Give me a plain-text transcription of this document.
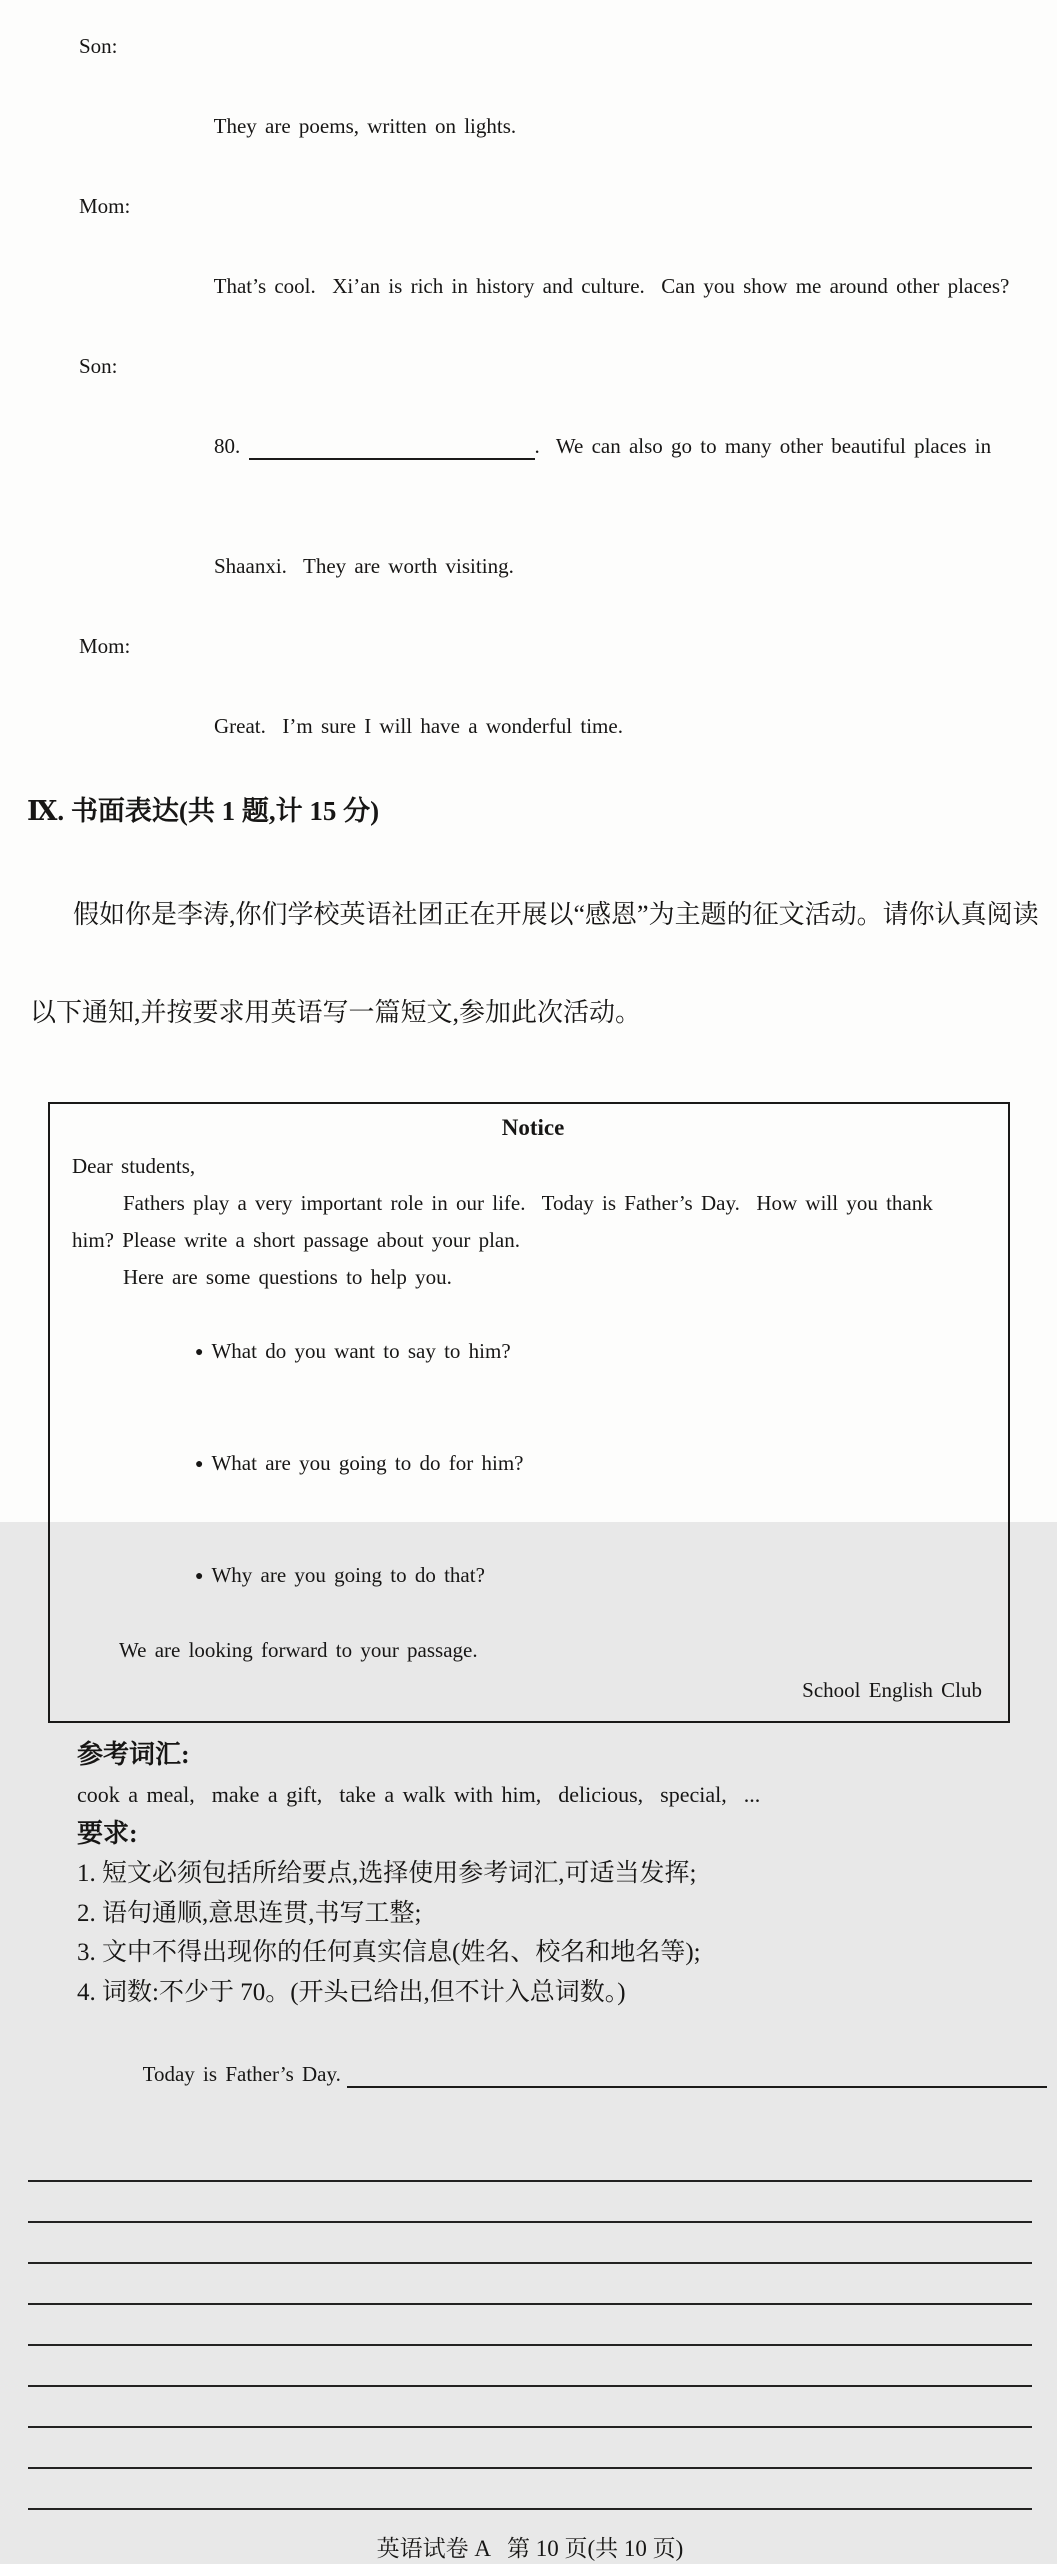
Son:

They are poems, written on lights.

Mom:

That’s cool.  Xi’an is rich in history and culture.  Can you show me around other places?

Son:

80.	.  We can also go to many other beautiful places in

Shaanxi.  They are worth visiting.

Mom:

Great.  I’m sure I will have a wonderful time.

Ⅸ. 书面表达(共 1 题,计 15 分)

假如你是李涛,你们学校英语社团正在开展以“感恩”为主题的征文活动。请你认真阅读

以下通知,并按要求用英语写一篇短文,参加此次活动。

Notice
Dear students,
Fathers play a very important role in our life.  Today is Father’s Day.  How will you thank
him? Please write a short passage about your plan.
Here are some questions to help you.

● What do you want to say to him?

● What are you going to do for him?

● Why are you going to do that?

We are looking forward to your passage.
School English Club
参考词汇:
cook a meal,  make a gift,  take a walk with him,  delicious,  special,  ...
要求:
1. 短文必须包括所给要点,选择使用参考词汇,可适当发挥;
2. 语句通顺,意思连贯,书写工整;
3. 文中不得出现你的任何真实信息(姓名、校名和地名等);
4. 词数:不少于 70。(开头已给出,但不计入总词数。)

Today is Father’s Day.

英语试卷 A   第 10 页(共 10 页)
